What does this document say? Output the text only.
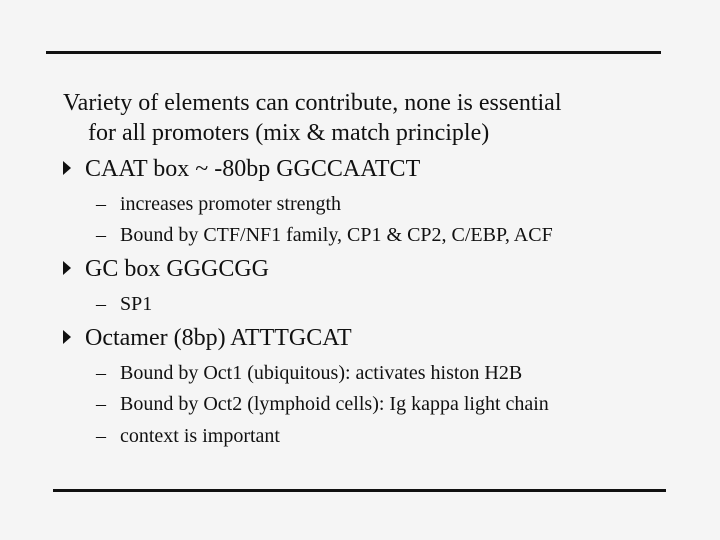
Variety of elements can contribute, none is essential
for all promoters (mix & match principle)
CAAT box ~ -80bp GGCCAATCT
– increases promoter strength
– Bound by CTF/NF1 family, CP1 & CP2, C/EBP, ACF
GC box GGGCGG
– SP1
Octamer (8bp) ATTTGCAT
– Bound by Oct1 (ubiquitous): activates histon H2B
– Bound by Oct2 (lymphoid cells): Ig kappa light chain
– context is important
